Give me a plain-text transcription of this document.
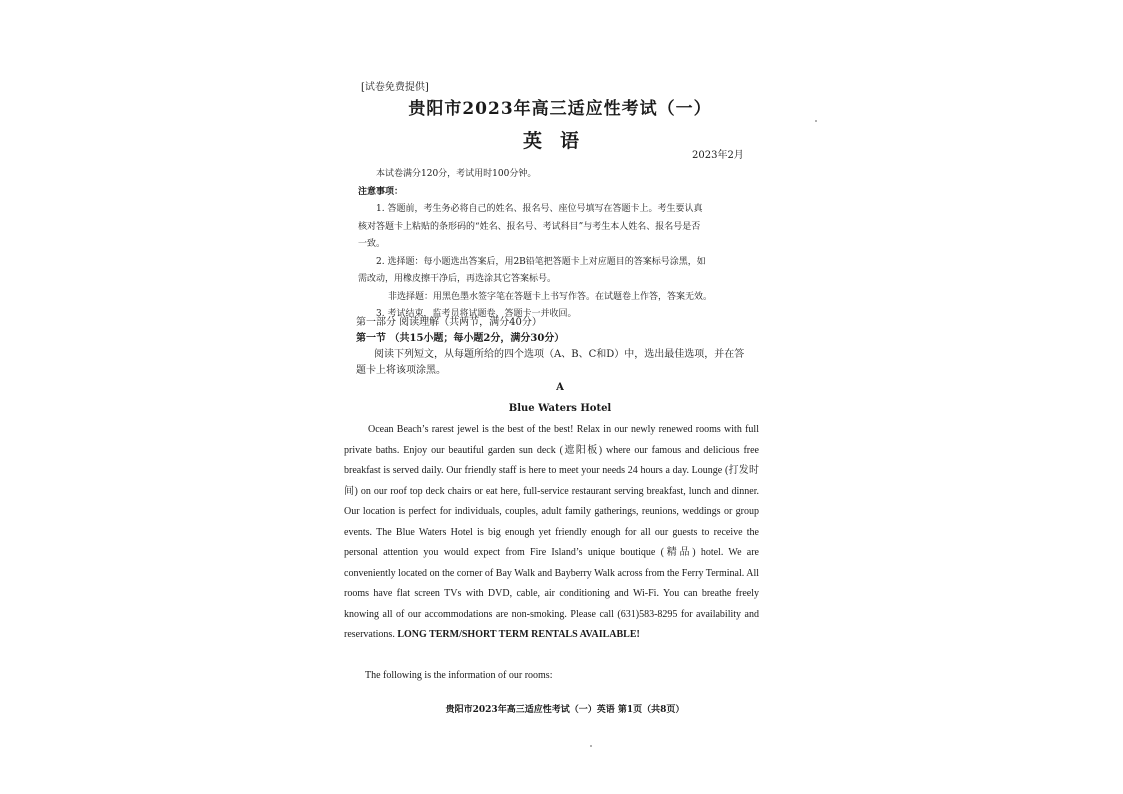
[试卷免费提供]
贵阳市2023年高三适应性考试（一）
英语
2023年2月
本试卷满分120分，考试用时100分钟。
注意事项：
1. 答题前，考生务必将自己的姓名、报名号、座位号填写在答题卡上。考生要认真
核对答题卡上粘贴的条形码的“姓名、报名号、考试科目”与考生本人姓名、报名号是否
一致。
2. 选择题：每小题选出答案后，用2B铅笔把答题卡上对应题目的答案标号涂黑，如
需改动，用橡皮擦干净后，再选涂其它答案标号。
非选择题：用黑色墨水签字笔在答题卡上书写作答。在试题卷上作答，答案无效。
3. 考试结束，监考员将试题卷、答题卡一并收回。
第一部分 阅读理解（共两节，满分40分）
第一节 （共15小题；每小题2分，满分30分）
阅读下列短文，从每题所给的四个选项（A、B、C和D）中，选出最佳选项，并在答
题卡上将该项涂黑。
A
Blue Waters Hotel
Ocean Beach’s rarest jewel is the best of the best! Relax in our newly renewed rooms with full private baths. Enjoy our beautiful garden sun deck (遮阳板) where our famous and delicious free breakfast is served daily. Our friendly staff is here to meet your needs 24 hours a day. Lounge (打发时间) on our roof top deck chairs or eat here, full-service restaurant serving breakfast, lunch and dinner. Our location is perfect for individuals, couples, adult family gatherings, reunions, weddings or group events. The Blue Waters Hotel is big enough yet friendly enough for all our guests to receive the personal attention you would expect from Fire Island’s unique boutique (精品) hotel. We are conveniently located on the corner of Bay Walk and Bayberry Walk across from the Ferry Terminal. All rooms have flat screen TVs with DVD, cable, air conditioning and Wi-Fi. You can breathe freely knowing all of our accommodations are non-smoking. Please call (631)583-8295 for availability and reservations. LONG TERM/SHORT TERM RENTALS AVAILABLE!
The following is the information of our rooms:
贵阳市2023年高三适应性考试（一）英语 第1页（共8页）
